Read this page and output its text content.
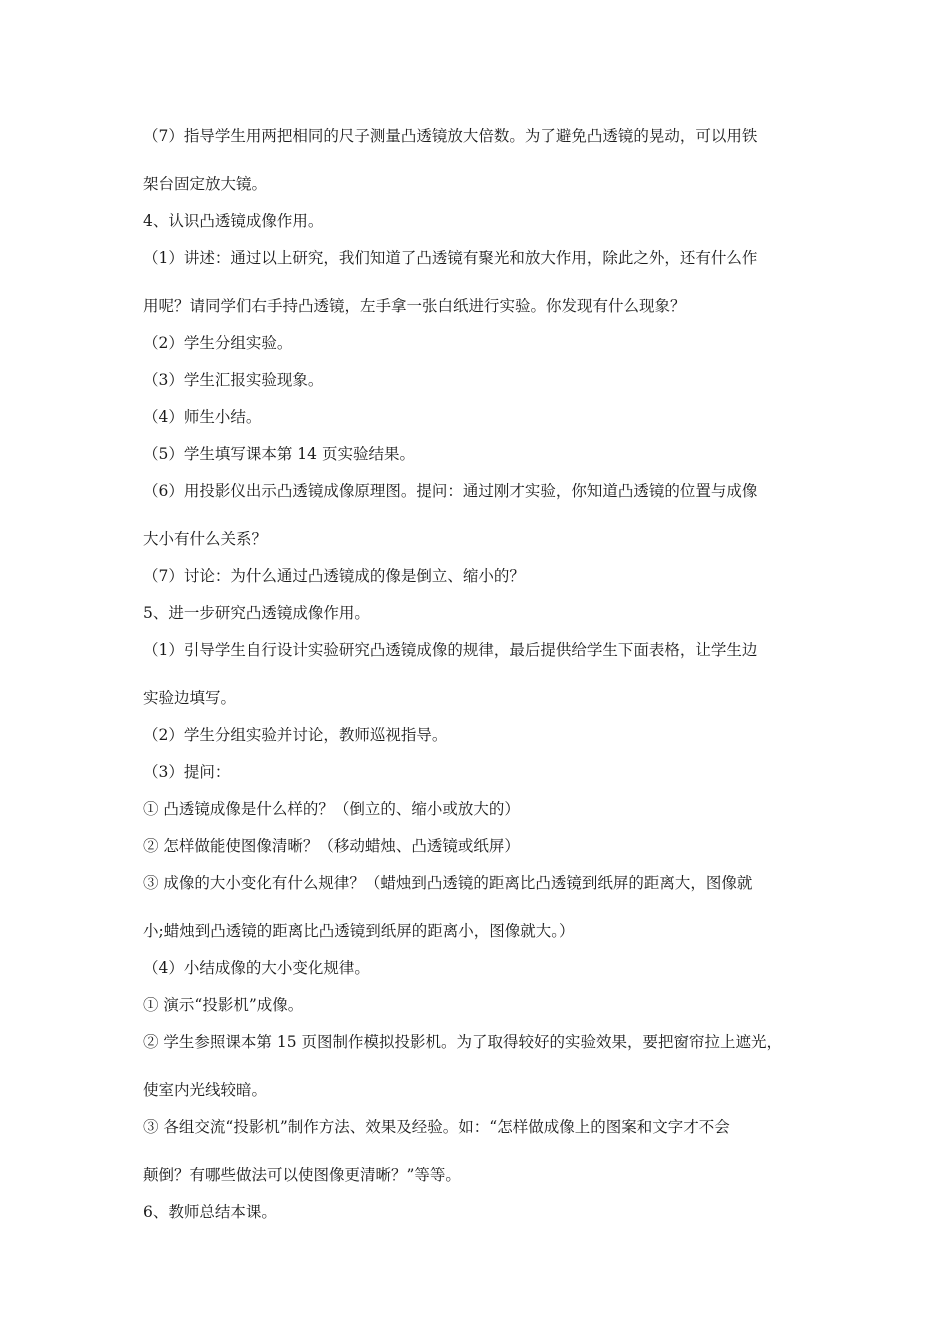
（7）指导学生用两把相同的尺子测量凸透镜放大倍数。为了避免凸透镜的晃动，可以用铁
架台固定放大镜。
4、认识凸透镜成像作用。
（1）讲述：通过以上研究，我们知道了凸透镜有聚光和放大作用，除此之外，还有什么作
用呢？请同学们右手持凸透镜，左手拿一张白纸进行实验。你发现有什么现象？
（2）学生分组实验。
（3）学生汇报实验现象。
（4）师生小结。
（5）学生填写课本第 14 页实验结果。
（6）用投影仪出示凸透镜成像原理图。提问：通过刚才实验，你知道凸透镜的位置与成像
大小有什么关系？
（7）讨论：为什么通过凸透镜成的像是倒立、缩小的？
5、进一步研究凸透镜成像作用。
（1）引导学生自行设计实验研究凸透镜成像的规律，最后提供给学生下面表格，让学生边
实验边填写。
（2）学生分组实验并讨论，教师巡视指导。
（3）提问：
① 凸透镜成像是什么样的？（倒立的、缩小或放大的）
② 怎样做能使图像清晰？（移动蜡烛、凸透镜或纸屏）
③ 成像的大小变化有什么规律？（蜡烛到凸透镜的距离比凸透镜到纸屏的距离大，图像就
小;蜡烛到凸透镜的距离比凸透镜到纸屏的距离小，图像就大。）
（4）小结成像的大小变化规律。
① 演示“投影机”成像。
② 学生参照课本第 15 页图制作模拟投影机。为了取得较好的实验效果，要把窗帘拉上遮光，
使室内光线较暗。
③ 各组交流“投影机”制作方法、效果及经验。如：“怎样做成像上的图案和文字才不会
颠倒？有哪些做法可以使图像更清晰？”等等。
6、教师总结本课。
